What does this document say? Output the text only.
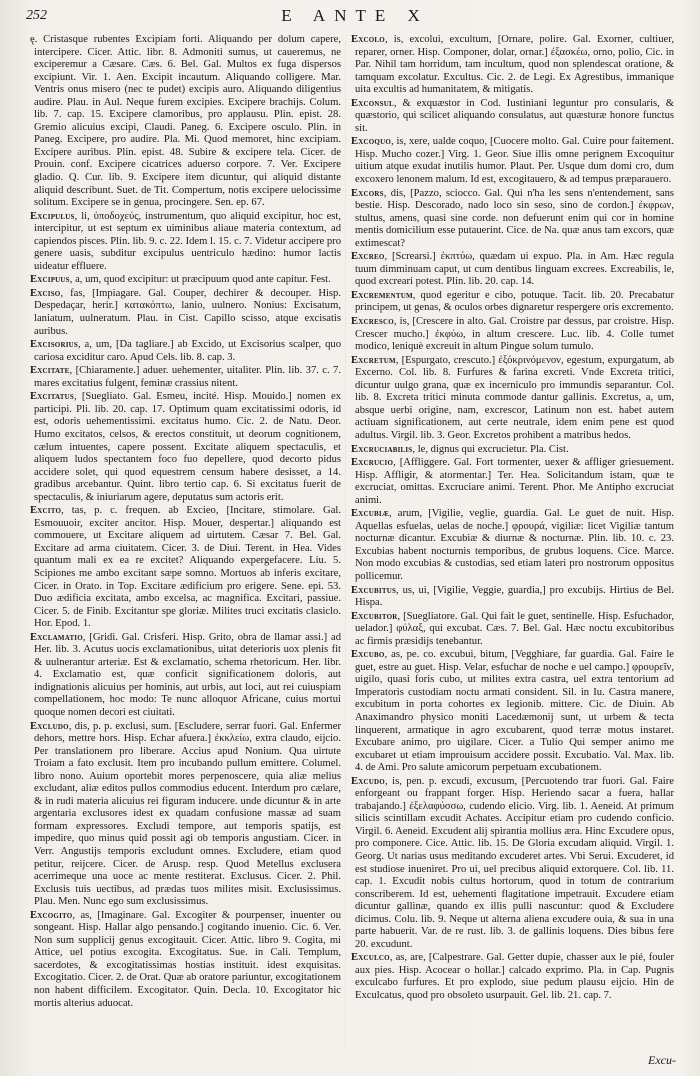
252	E ANTE X

ę. Cristasque rubentes Excipiam forti. Aliquando per dolum capere, intercipere. Cicer. Attic. libr. 8. Admoniti sumus, ut caueremus, ne exciperemur a Cæsare. Cæs. 6. Bel. Gal. Multos ex fuga dispersos excipiunt. Vir. 1. Aen. Excipit incautum. Aliquando colligere. Mar. Ventris onus misero (nec te pudet) excipis auro. Aliquando diligentius audire. Plau. in Aul. Neque furem excipies. Excipere brachijs. Colum. lib. 7. cap. 15. Excipere clamoribus, pro applausu. Plin. epist. 28. Gremio alicuius excipi, Claudi. Paneg. 6. Excipere osculo. Plin. in Paneg. Excipere, pro audire. Pla. Mi. Quod memoret, hinc excipiam. Excipere auribus. Plin. epist. 48. Subire & excipere tela. Cicer. de Prouin. conf. Excipere cicatrices aduerso corpore. 7. Ver. Excipere gladio. Q. Cur. lib. 9. Excipere item dicuntur, qui aliquid distante aliquid describunt. Suet. de Tit. Compertum, notis excipere uelocissime solitum. Excipere se in genua, procingere. Sen. ep. 67.

Excipulus, li, ὑποδοχεύς, instrumentum, quo aliquid excipitur, hoc est, intercipitur, ut est septum ex uiminibus aliaue materia contextum, ad capiendos pisces. Plin. lib. 9. c. 22. Idem l. 15. c. 7. Videtur accipere pro genere uasis, subditur excipulus uentriculo hædino: humor lactis uideatur effluere.

Excipuus, a, um, quod excipitur: ut præcipuum quod ante capitur. Fest.

Exciso, fas, [Impiagare. Gal. Couper, dechirer & decouper. Hisp. Despedaçar, herir.] κατακόπτω, lanio, uulnero. Nonius: Excisatum, laniatum, uulneratum. Plau. in Cist. Capillo scisso, atque excisatis auribus.

Excisorius, a, um, [Da tagliare.] ab Excido, ut Excisorius scalper, quo cariosa exciditur caro. Apud Cels. lib. 8. cap. 3.

Excitate, [Chiaramente.] aduer. uehementer, uitaliter. Plin. lib. 37. c. 7. mares excitatius fulgent, feminæ crassius nitent.

Excitatus, [Suegliato. Gal. Esmeu, incité. Hisp. Mouido.] nomen ex participi. Pli. lib. 20. cap. 17. Optimum quam excitatissimi odoris, id est, odoris uehementissimi. excitatus humo. Cic. 2. de Natu. Deor. Humo excitatos, celsos, & erectos constituit, ut deorum cognitionem, cælum intuentes, capere possent. Excitate aliquem spectaculis, et aliquem ludos spectantem foco fuo depellere, quod decorto pidus accidere solet, qui quod equestrem censum habere desisset, a 14. gradibus arcebantur. Quint. libro tertio cap. 6. Si excitatus fuerit de spectaculis, & iniuriarum agere, deputatus sum actoris erit.

Excito, tas, p. c. frequen. ab Excieo, [Incitare, stimolare. Gal. Esmouuoir, exciter ancitor. Hisp. Mouer, despertar.] aliquando est commouere, ut Excitare aliquem ad uirtutem. Cæsar 7. Bel. Gal. Excitare ad arma ciuitatem. Cicer. 3. de Diui. Terent. in Hea. Vides quantum mali ex ea re excitet? Aliquando expergefacere. Liu. 5. Scipiones me ambo excitant sæpe somno. Mortuos ab inferis excitare, Cicer. in Orato. in Top. Excitare ædificium pro erigere. Sene. epi. 53. Duo ædificia excitata, ambo excelsa, ac magnifica. Excitari, passiue. Cicer. 5. de Finib. Excitantur spe gloriæ. Milites truci excitatis clasiclo. Hor. Epod. 1.

Exclamatio, [Gridi. Gal. Crisferi. Hisp. Grito, obra de llamar assi.] ad Her. lib. 3. Acutus uocis exclamationibus, uitat deterioris uox plenis fit & uulnerantur arteriæ. Est & exclamatio, schema rhetoricum. Her. libr. 4. Exclamatio est, quæ conficit significationem doloris, aut indignationis alicuius per hominis, aut urbis, aut loci, aut rei cuiuspiam compellationem, hoc modo: Te nunc alloquor Africane, cuius mortui quoque nomen decori est ciuitati.

Excludo, dis, p. p. exclusi, sum. [Escludere, serrar fuori. Gal. Enfermer dehors, mettre hors. Hisp. Echar afuera.] ἐκκλείω, extra claudo, eijcio. Per translationem pro liberare. Accius apud Nonium. Qua uirtute Troiam a fato exclusit. Item pro incubando pullum emittere. Columel. libro nono. Auium oportebit mores perpenoscere, quia aliæ melius excludant, aliæ editos pullos commodius educent. Interdum pro cælare, & in rudi materia alicuius rei figuram inducere. unde dicuntur & in arte argentaria exclusores idest ex quadam confusione massæ ad suam formam expressores. Excludi tempore, aut temporis spatijs, est impedire, quo minus quid possit agi ob temporis angustiam. Cicer. in Verr. Angustijs temporis excludunt omnes. Excludere, etiam quod petitur, reijcere. Cicer. de Arusp. resp. Quod Metellus exclusera acerrimeque una uoce ac mente restiterat. Exclusus. Cicer. 2. Phil. Exclusis tuis uectibus, ad prædas tuos milites misit. Exclusissimus. Plau. Men. Nunc ego sum exclusissimus.

Excogito, as, [Imaginare. Gal. Excogiter & pourpenser, inuenter ou songeant. Hisp. Hallar algo pensando.] cogitando inuenio. Cic. 6. Ver. Non sum supplicij genus excogitauit. Cicer. Attic. libro 9. Cogita, mi Attice, uel potius excogita. Excogitatus. Sue. in Cali. Templum, sacerdotes, & excogitatissimas hostias instituit. idest exquisitas. Excogitatio. Cicer. 2. de Orat. Quæ ab oratore pariuntur, excogitationem non habent difficilem. Excogitator. Quin. Decla. 10. Excogitator hic mortis alterius aduocat.

Excolo, is, excolui, excultum, [Ornare, polire. Gal. Exorner, cultiuer, reparer, orner. Hisp. Componer, dolar, ornar.] ἐξασκέω, orno, polio, Cic. in Par. Nihil tam horridum, tam incultum, quod non splendescat oratione, & tamquam excolatur. Excultus. Cic. 2. de Legi. Ex Agrestibus, immanique uita excultis ad humanitatem, & mitigatis.

Exconsul, & exquæstor in Cod. Iustiniani leguntur pro consularis, & quæstorio, qui scilicet aliquando consulatus, aut quæsturæ honore functus sit.

Excoquo, is, xere, ualde coquo, [Cuocere molto. Gal. Cuire pour faitement. Hisp. Mucho cozer.] Virg. 1. Geor. Siue illis omne perignem Excoquitur uitium atque exudat inutilis humor. Plaut. Per. Usque dum domi cro, dum excoxero lenonem malum. Id est, excogitauero, & ad tempus præparauero.

Excors, dis, [Pazzo, sciocco. Gal. Qui n'ha les sens n'entendement, sans bestie. Hisp. Descorado, nado loco sin seso, sino de cordon.] ἐκφρων, stultus, amens, quasi sine corde. non defuerunt enim qui cor in homine mentis domicilium esse putauerint. Cice. de Na. quæ anus tam excors, quæ extimescat?

Excreo, [Screarsi.] ἐκπτύω, quædam ui expuo. Pla. in Am. Hæc regula tuum dimminuam caput, ut cum dentibus linguam excrees. Excreabilis, le, quod excreari potest. Plin. lib. 20. cap. 14.

Excrementum, quod egeritur e cibo, potuque. Tacit. lib. 20. Precabatur principem, ut genas, & oculos orbes dignaretur respergere oris excremento.

Excresco, is, [Crescere in alto. Gal. Croistre par dessus, par croistre. Hisp. Crescer mucho.] ἐκφύω, in altum crescere. Luc. lib. 4. Colle tumet modico, leniquè excreuit in altum Pingue solum tumulo.

Excretum, [Espurgato, crescuto.] ἐξόκρινόμενον, egestum, expurgatum, ab Excerno. Col. lib. 8. Furfures & farina excreti. Vnde Excreta tritici, dicuntur uulgo grana, quæ ex incerniculo pro immundis separantur. Col. lib. 8. Excreta tritici minuta commode dantur gallinis. Excretus, a, um, absque uerbi origine, nam, excrescor, Latinum non est. habet autem actiuam significationem, aut certe neutrale, idem enim pene est quod adultus. Virgil. lib. 3. Geor. Excretos prohibent a matribus hedos.

Excruciabilis, le, dignus qui excrucietur. Pla. Cist.

Excrucio, [Affliggere. Gal. Fort tormenter, uexer & affliger griesuement. Hisp. Affligir, & atormentar.] Ter. Hea. Solicitandum istam, quæ te excruciat, omittas. Excruciare animi. Terent. Phor. Me Antipho excruciat animi.

Excubiæ, arum, [Vigilie, veglie, guardia. Gal. Le guet de nuit. Hisp. Aquellas esfuelas, uelas de noche.] φρουρά, vigiliæ: licet Vigiliæ tantum nocturnæ dicantur. Excubiæ & diurnæ & nocturnæ. Plin. lib. 10. c. 23. Excubias habent nocturnis temporibus, de grubus loquens. Cice. Marce. Non modo excubias & custodias, sed etiam lateri pro nostrorum oppositus pollicemur.

Excubitus, us, ui, [Vigilie, Veggie, guardia,] pro excubijs. Hirtius de Bel. Hispa.

Excubitor, [Suegliatore. Gal. Qui fait le guet, sentinelle. Hisp. Esfuchador, uelador.] φύλαξ, qui excubat. Cæs. 7. Bel. Gal. Hæc noctu excubitoribus ac firmis præsidijs tenebantur.

Excubo, as, pe. co. excubui, bitum, [Vegghiare, far guardia. Gal. Faire le guet, estre au guet. Hisp. Velar, esfuchar de noche e uel campo.] φρουρεῖν, uigilo, quasi foris cubo, ut milites extra castra, uel extra tentorium ad Imperatoris custodiam noctu armati consident. Sil. in Iu. Castra manere, excubitum in porta cohortes ex legionib. mittere. Cic. de Diuin. Ab Anaximandro physico moniti Lacedæmonij sunt, ut urbem & tecta linquerent, armatique in agro excubarent, quod terræ motus instaret. Excubare animo, pro uigilare. Cicer. a Tulio Qui semper animo me excubaret ut etiam improuisum accidere possit. Excubatio. Val. Max. lib. 4. de Ami. Pro salute amicorum perpetuam excubationem.

Excudo, is, pen. p. excudi, excusum, [Percuotendo trar fuori. Gal. Faire enforgeant ou frappant forger. Hisp. Heriendo sacar a fuera, hallar trabajando.] ἐξελαφύσσω, cudendo elicio. Virg. lib. 1. Aeneid. At primum silicis scintillam excudit Achates. Accipitur etiam pro cudendo conficio. Virgil. 6. Aeneid. Excudent alij spirantia mollius æra. Hinc Excudere opus, pro componere. Cice. Attic. lib. 15. De Gloria excudam aliquid. Virgil. 1. Georg. Ut narias usus meditando excuderet artes. Vbi Serui. Excuderet, id est studiose inueniret. Pro ui, uel precibus aliquid extorquere. Col. lib. 11. cap. 1. Excudit nobis cultus hortorum, quod in totum de contrarium conscriberem. Id est, uehementi flagitatione impetrauit. Excudere etiam dicuntur gallinæ, quando ex illis pulli nascuntur: quod & Excludere dicimus. Colu. lib. 9. Neque ut alterna aliena excudere ouia, & sua in una parte habuerit. Var. de re rust. lib. 3. de gallinis loquens. Dies bibus fere 20. excudunt.

Exculco, as, are, [Calpestrare. Gal. Getter dupie, chasser aux le pié, fouler aux pies. Hisp. Acocear o hollar.] calcado exprimo. Pla. in Cap. Pugnis exculcabo furfures. Et pro explodo, siue pedum plausu eijcio. Hin de Exculcatus, quod pro obsoleto usurpauit. Gel. lib. 21. cap. 7.

Excu-
